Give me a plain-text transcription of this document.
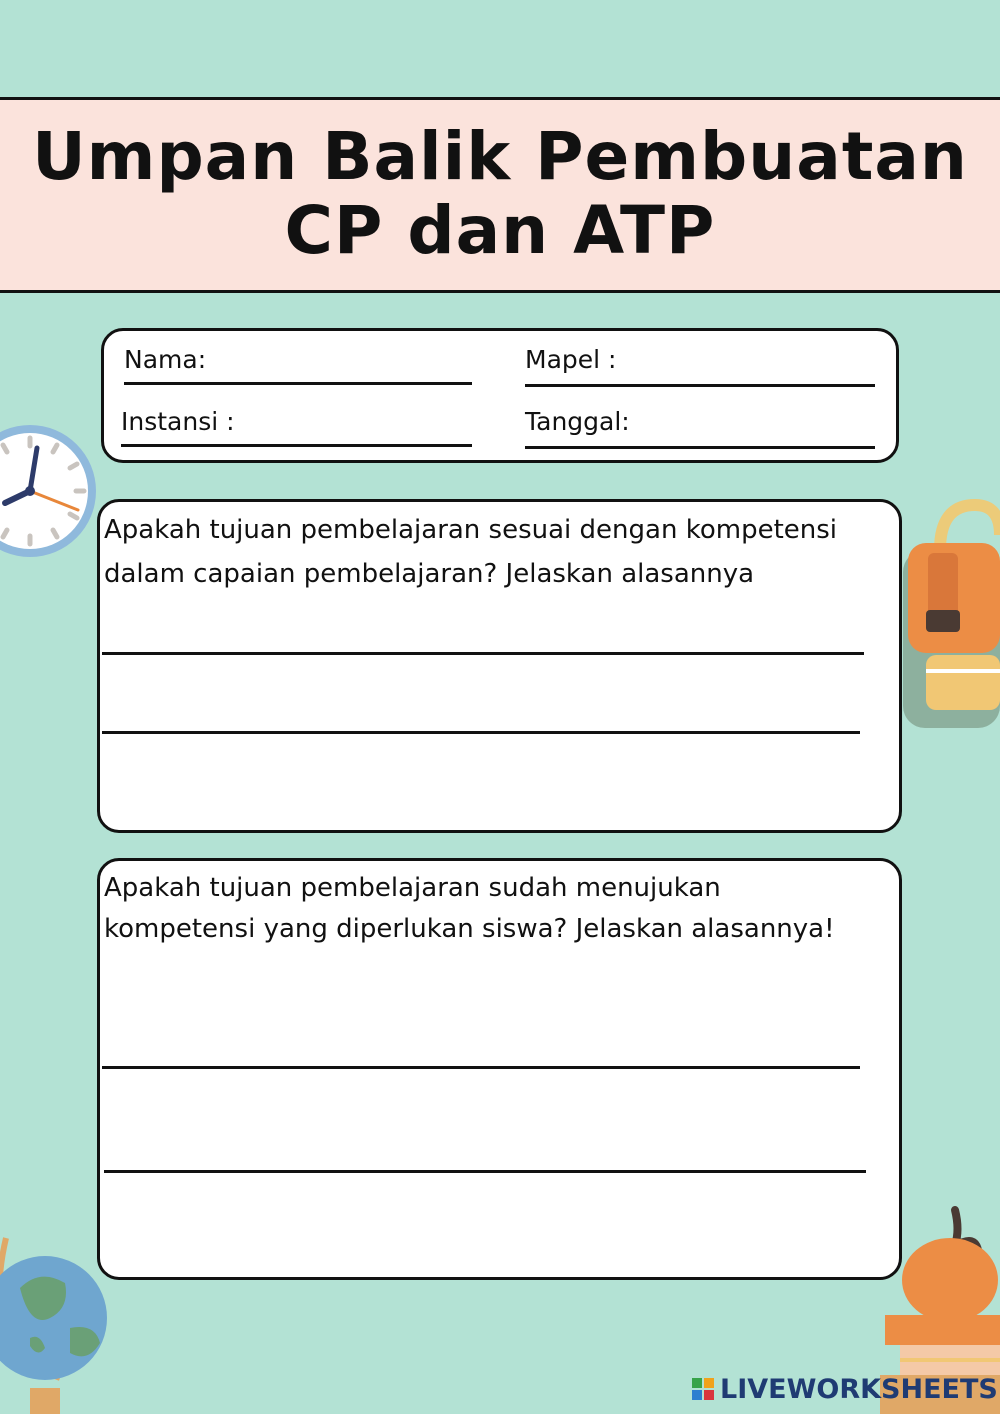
Umpan Balik Pembuatan
CP dan ATP
Nama:	Mapel :
Instansi :	Tanggal:
Apakah tujuan pembelajaran sesuai dengan kompetensi
dalam capaian pembelajaran? Jelaskan alasannya
Apakah tujuan pembelajaran sudah menujukan
kompetensi yang diperlukan siswa? Jelaskan alasannya!
LIVEWORKSHEETS
